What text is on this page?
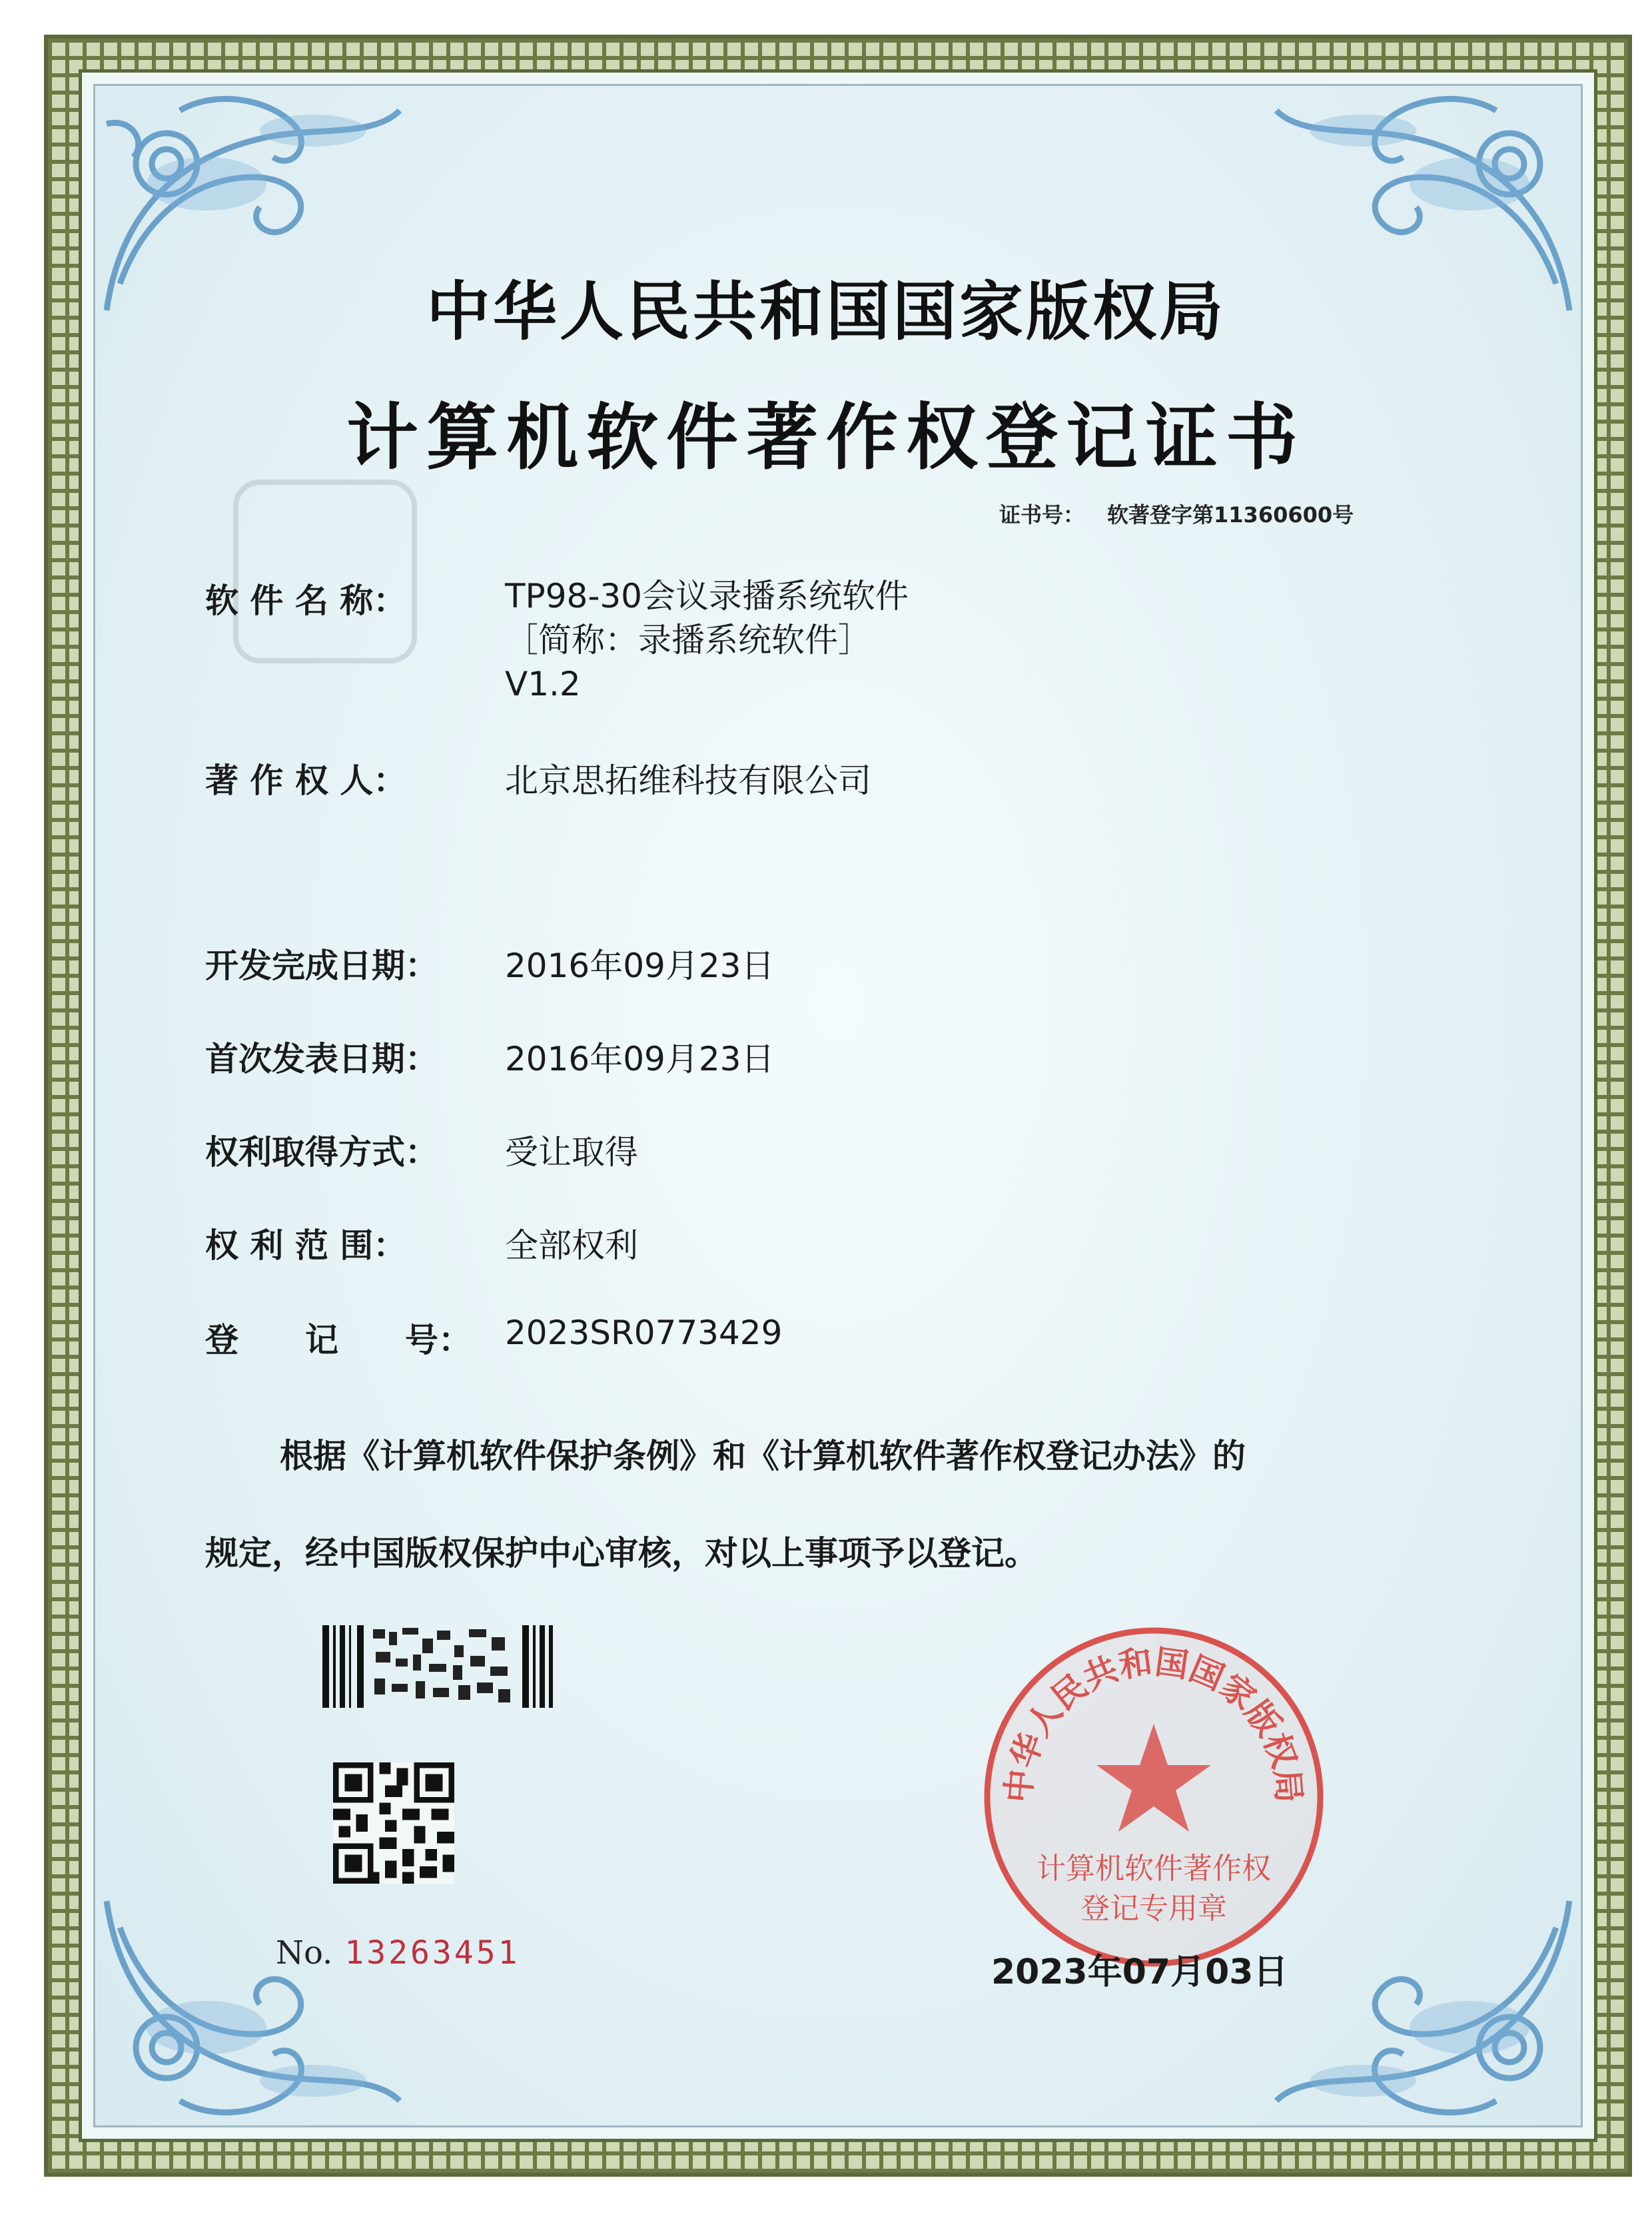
中华人民共和国国家版权局
计算机软件著作权登记证书
证书号： 软著登字第11360600号
软 件 名 称：	TP98-30会议录播系统软件
［简称：录播系统软件］
V1.2
著 作 权 人：	北京思拓维科技有限公司
开发完成日期：	2016年09月23日
首次发表日期：	2016年09月23日
权利取得方式：	受让取得
权 利 范 围：	全部权利
登　　记　　号： 2023SR0773429
根据《计算机软件保护条例》和《计算机软件著作权登记办法》的
规定，经中国版权保护中心审核，对以上事项予以登记。
No. 13263451
中华人民共和国国家版权局
计算机软件著作权
登记专用章
2023年07月03日
